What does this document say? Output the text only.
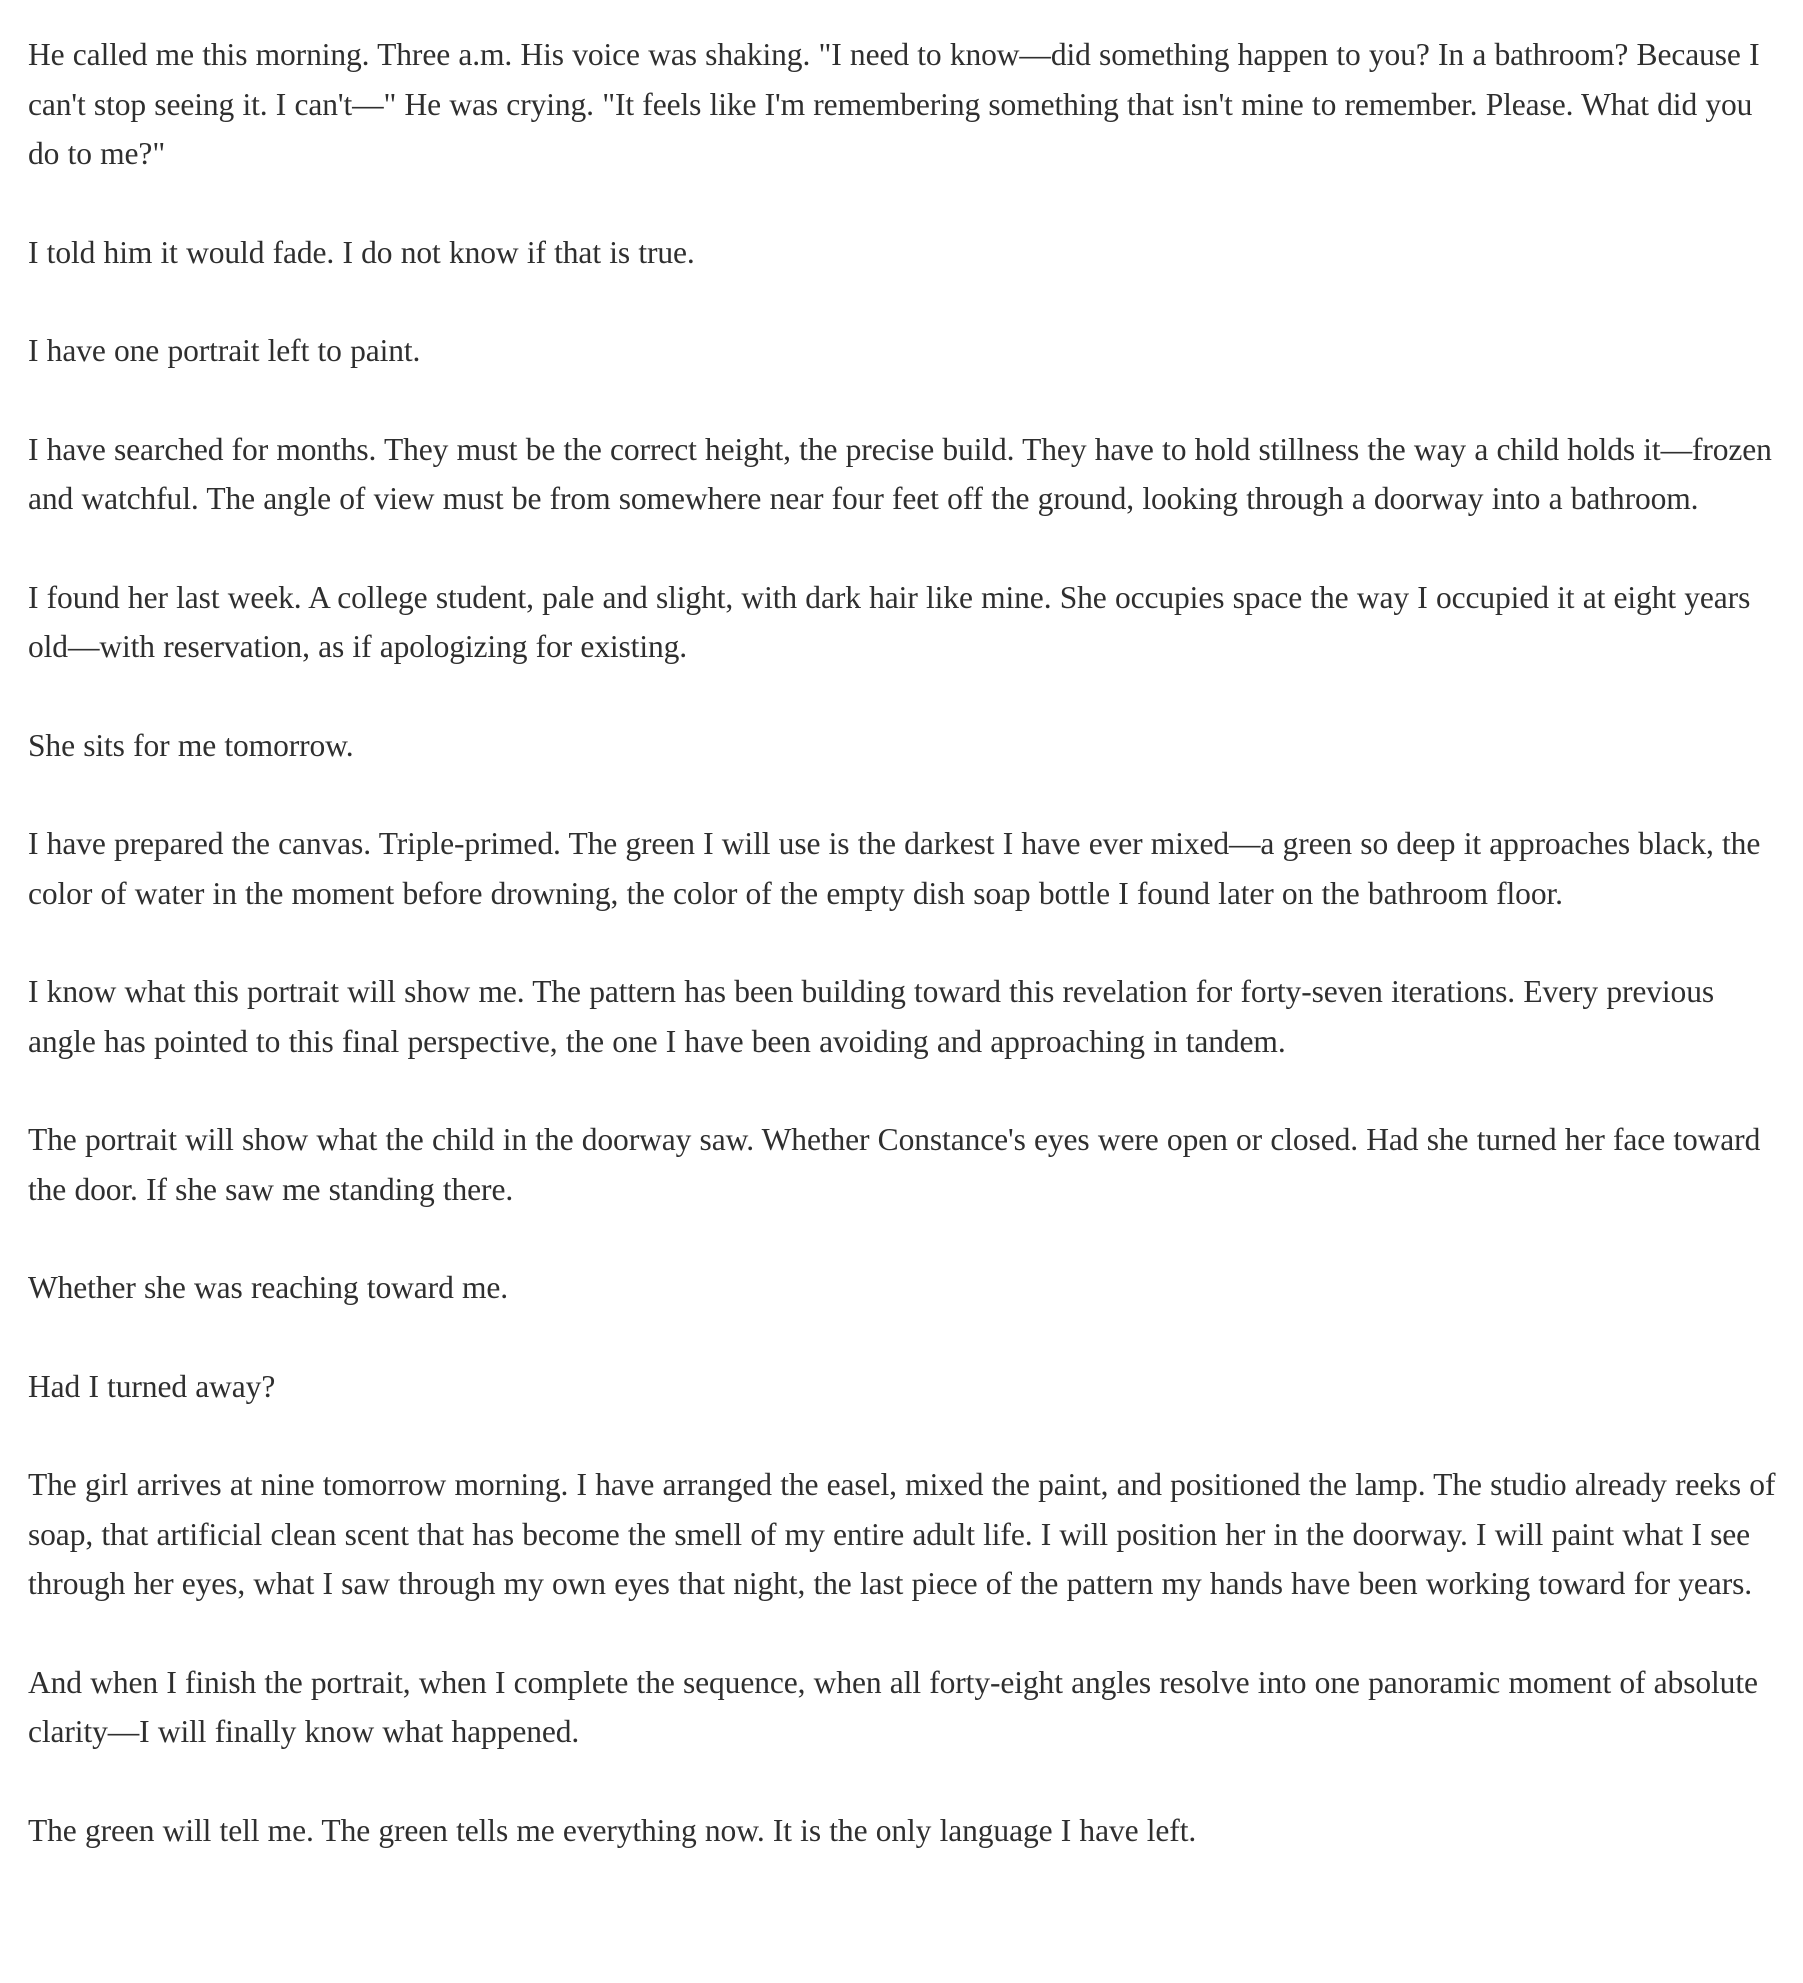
He called me this morning. Three a.m. His voice was shaking. "I need to know—did something happen to you? In a bathroom? Because I can't stop seeing it. I can't—" He was crying. "It feels like I'm remembering something that isn't mine to remember. Please. What did you do to me?"

I told him it would fade. I do not know if that is true.

I have one portrait left to paint.

I have searched for months. They must be the correct height, the precise build. They have to hold stillness the way a child holds it—frozen and watchful. The angle of view must be from somewhere near four feet off the ground, looking through a doorway into a bathroom.

I found her last week. A college student, pale and slight, with dark hair like mine. She occupies space the way I occupied it at eight years old—with reservation, as if apologizing for existing.

She sits for me tomorrow.

I have prepared the canvas. Triple-primed. The green I will use is the darkest I have ever mixed—a green so deep it approaches black, the color of water in the moment before drowning, the color of the empty dish soap bottle I found later on the bathroom floor.

I know what this portrait will show me. The pattern has been building toward this revelation for forty-seven iterations. Every previous angle has pointed to this final perspective, the one I have been avoiding and approaching in tandem.

The portrait will show what the child in the doorway saw. Whether Constance's eyes were open or closed. Had she turned her face toward the door. If she saw me standing there.

Whether she was reaching toward me.

Had I turned away?

The girl arrives at nine tomorrow morning. I have arranged the easel, mixed the paint, and positioned the lamp. The studio already reeks of soap, that artificial clean scent that has become the smell of my entire adult life. I will position her in the doorway. I will paint what I see through her eyes, what I saw through my own eyes that night, the last piece of the pattern my hands have been working toward for years.

And when I finish the portrait, when I complete the sequence, when all forty-eight angles resolve into one panoramic moment of absolute clarity—I will finally know what happened.

The green will tell me. The green tells me everything now. It is the only language I have left.
